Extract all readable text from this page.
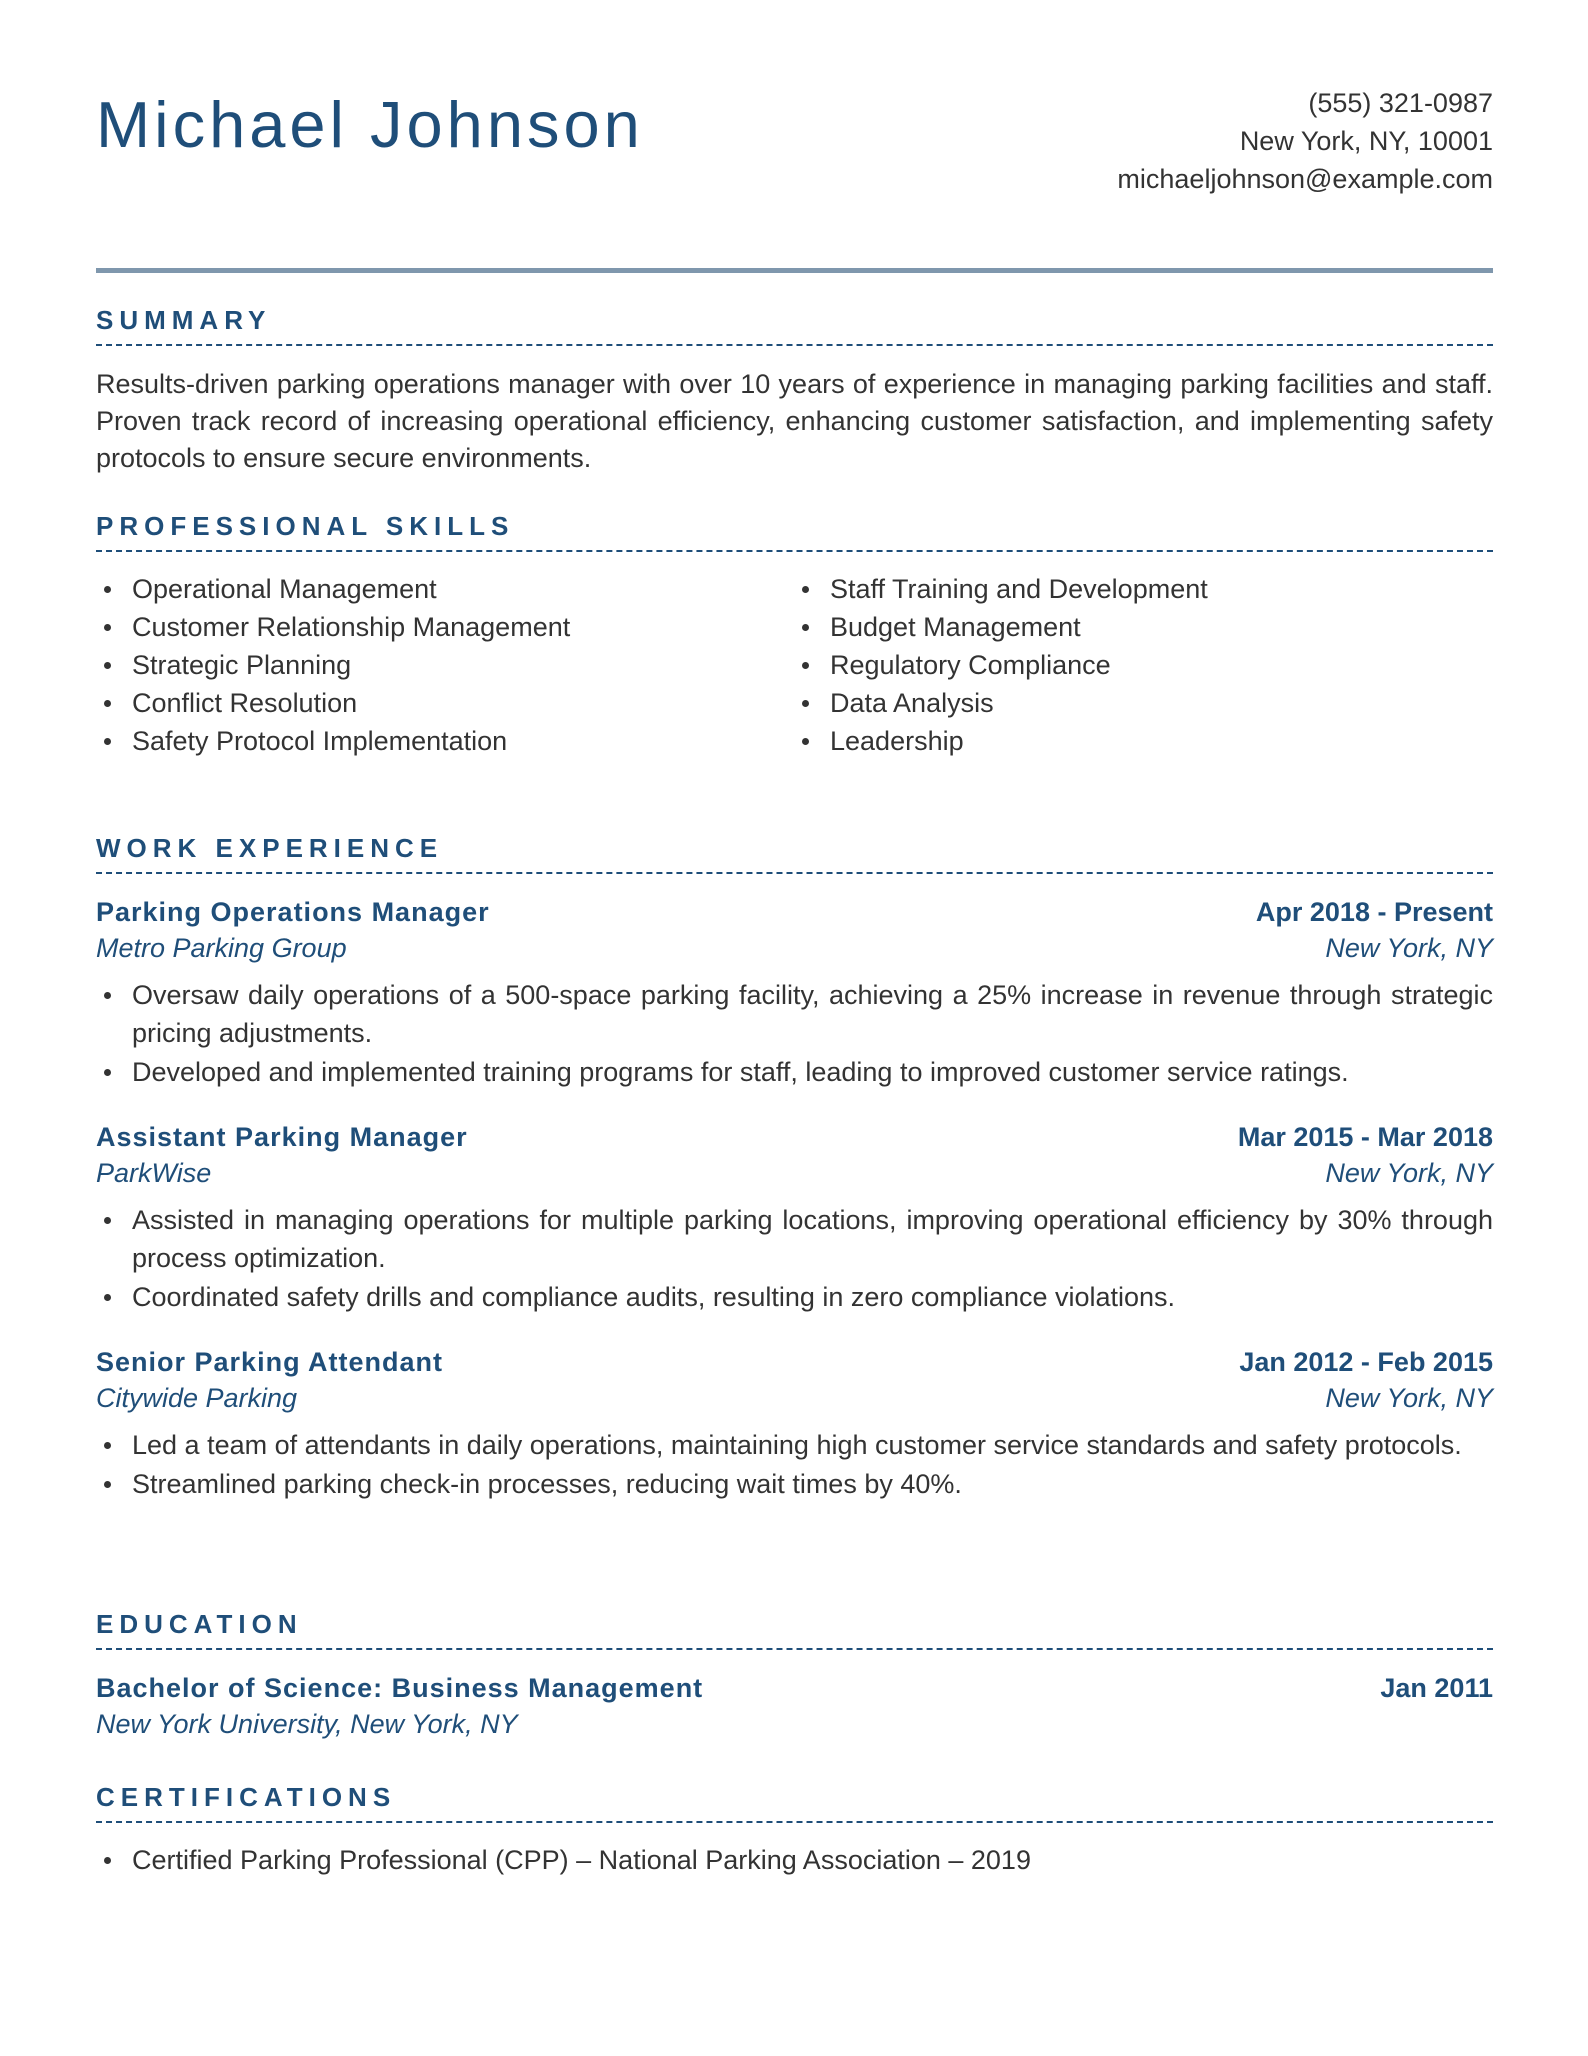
Michael Johnson	(555) 321-0987
New York, NY, 10001
michaeljohnson@example.com
SUMMARY
Results-driven parking operations manager with over 10 years of experience in managing parking facilities and staff. Proven track record of increasing operational efficiency, enhancing customer satisfaction, and implementing safety protocols to ensure secure environments.
PROFESSIONAL SKILLS
Operational Management
Customer Relationship Management
Strategic Planning
Conflict Resolution
Safety Protocol Implementation
Staff Training and Development
Budget Management
Regulatory Compliance
Data Analysis
Leadership
WORK EXPERIENCE
Parking Operations Manager	Apr 2018 - Present
Metro Parking Group	New York, NY
Oversaw daily operations of a 500-space parking facility, achieving a 25% increase in revenue through strategic pricing adjustments.
Developed and implemented training programs for staff, leading to improved customer service ratings.
Assistant Parking Manager	Mar 2015 - Mar 2018
ParkWise	New York, NY
Assisted in managing operations for multiple parking locations, improving operational efficiency by 30% through process optimization.
Coordinated safety drills and compliance audits, resulting in zero compliance violations.
Senior Parking Attendant	Jan 2012 - Feb 2015
Citywide Parking	New York, NY
Led a team of attendants in daily operations, maintaining high customer service standards and safety protocols.
Streamlined parking check-in processes, reducing wait times by 40%.
EDUCATION
Bachelor of Science: Business Management	Jan 2011
New York University, New York, NY
CERTIFICATIONS
Certified Parking Professional (CPP) – National Parking Association – 2019
